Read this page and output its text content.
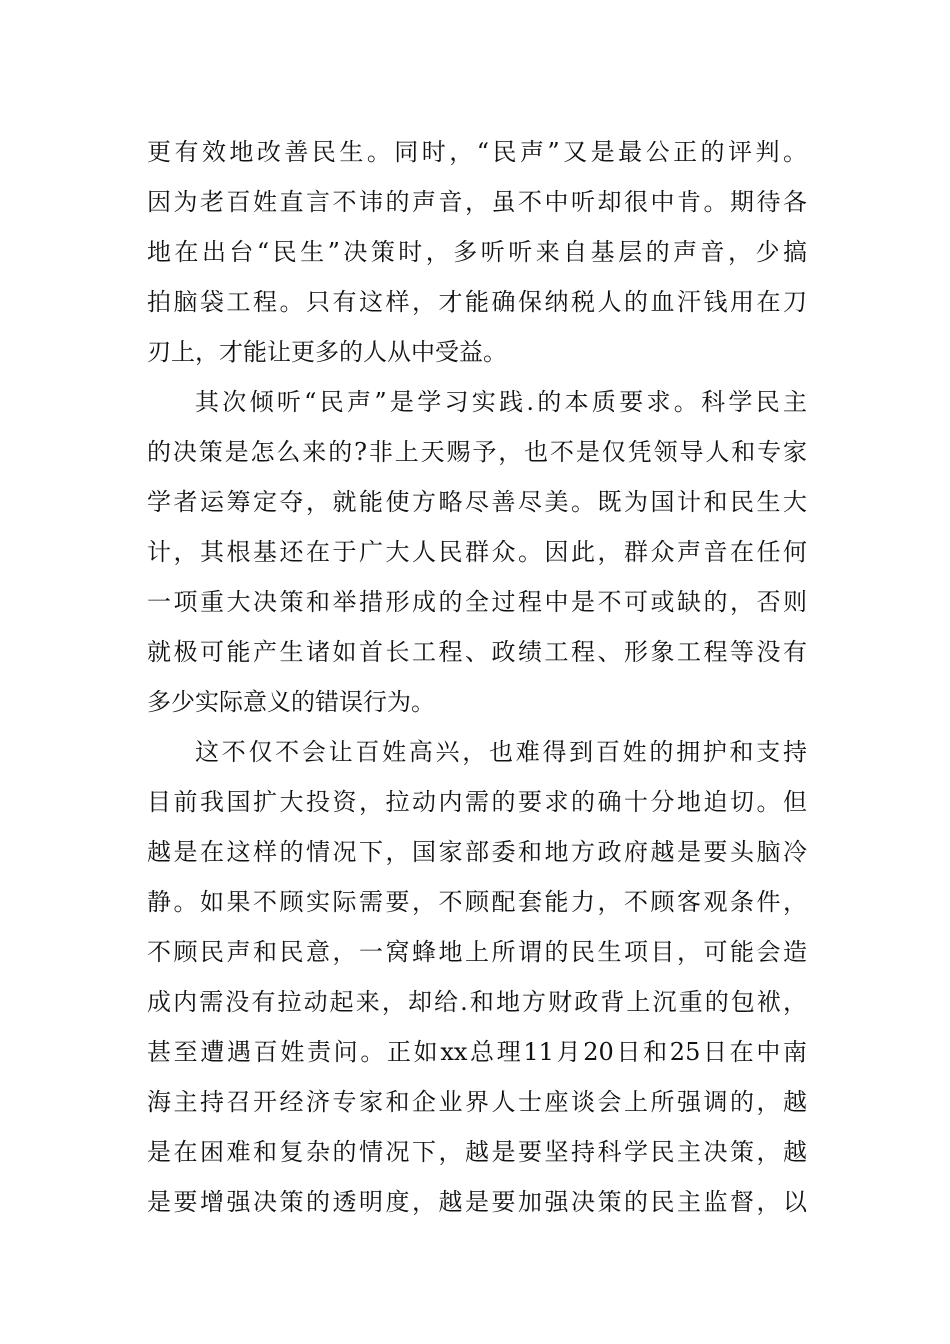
更有效地改善民生。同时，“民声”又是最公正的评判。
因为老百姓直言不讳的声音，虽不中听却很中肯。期待各
地在出台“民生”决策时，多听听来自基层的声音，少搞
拍脑袋工程。只有这样，才能确保纳税人的血汗钱用在刀
刃上，才能让更多的人从中受益。
其次倾听“民声”是学习实践.的本质要求。科学民主
的决策是怎么来的?非上天赐予，也不是仅凭领导人和专家
学者运筹定夺，就能使方略尽善尽美。既为国计和民生大
计，其根基还在于广大人民群众。因此，群众声音在任何
一项重大决策和举措形成的全过程中是不可或缺的，否则
就极可能产生诸如首长工程、政绩工程、形象工程等没有
多少实际意义的错误行为。
这不仅不会让百姓高兴，也难得到百姓的拥护和支持
目前我国扩大投资，拉动内需的要求的确十分地迫切。但
越是在这样的情况下，国家部委和地方政府越是要头脑冷
静。如果不顾实际需要，不顾配套能力，不顾客观条件，
不顾民声和民意，一窝蜂地上所谓的民生项目，可能会造
成内需没有拉动起来，却给.和地方财政背上沉重的包袱，
甚至遭遇百姓责问。正如xx总理11月20日和25日在中南
海主持召开经济专家和企业界人士座谈会上所强调的，越
是在困难和复杂的情况下，越是要坚持科学民主决策，越
是要增强决策的透明度，越是要加强决策的民主监督，以
